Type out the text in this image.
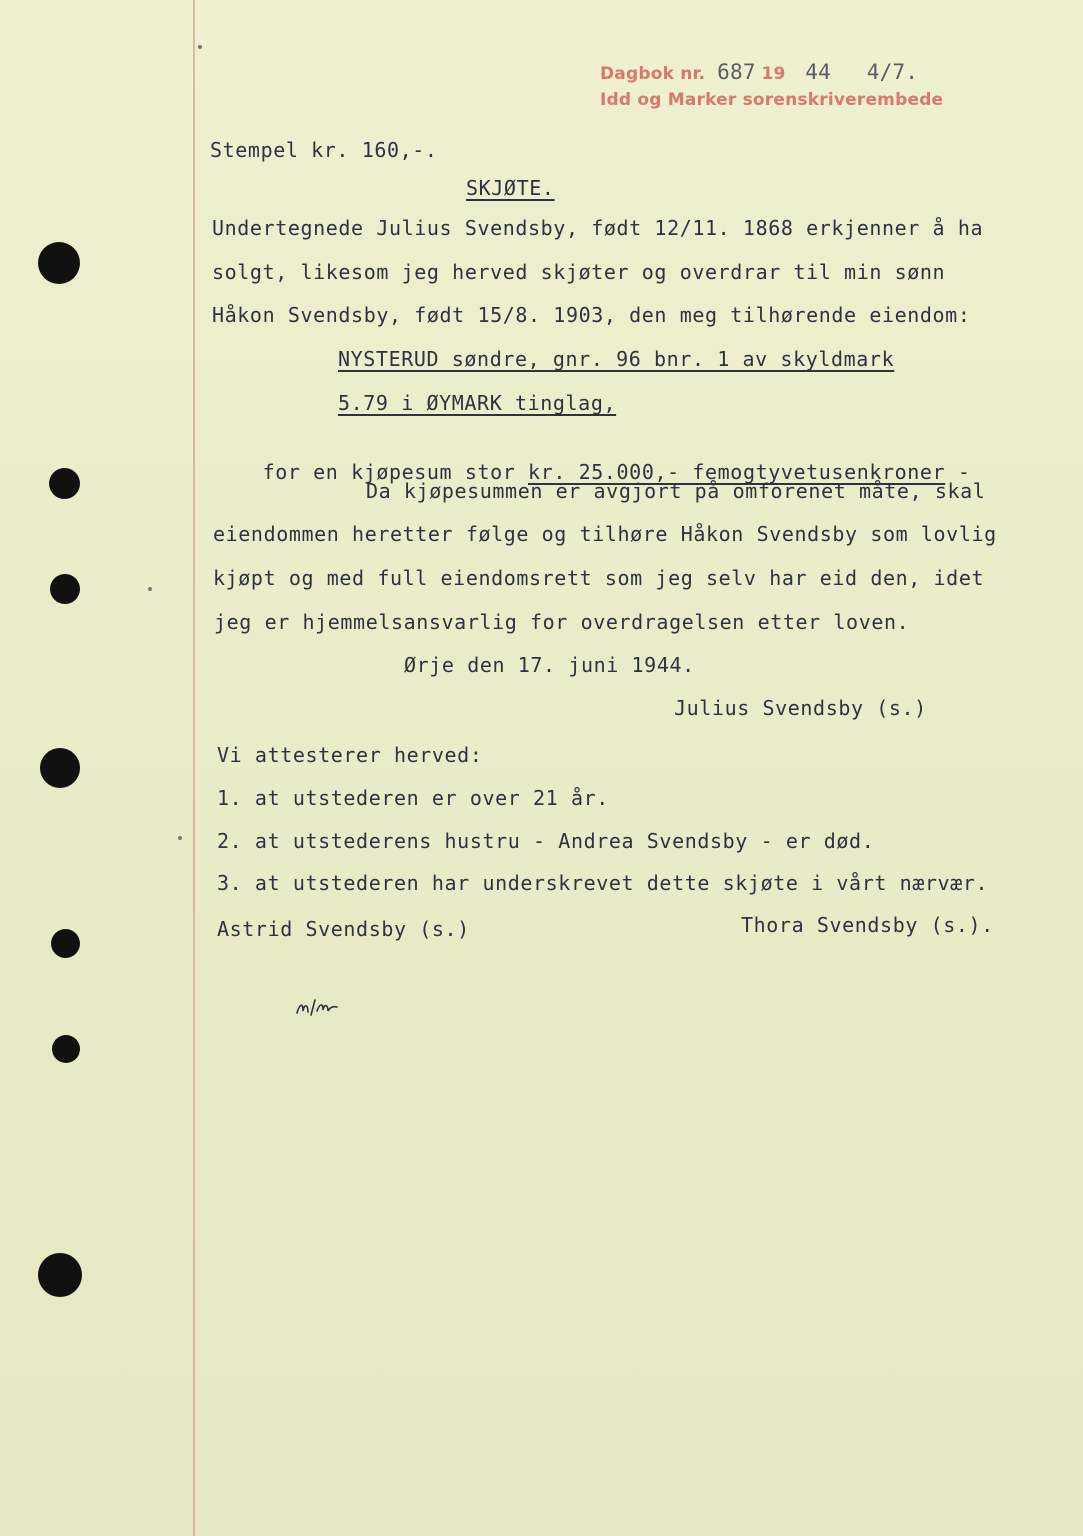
Dagbok nr. 687 19 44 4/7.
Idd og Marker sorenskriverembede
Stempel kr. 160,-.
SKJØTE.
Undertegnede Julius Svendsby, født 12/11. 1868 erkjenner å ha
solgt, likesom jeg herved skjøter og overdrar til min sønn
Håkon Svendsby, født 15/8. 1903, den meg tilhørende eiendom:
NYSTERUD søndre, gnr. 96 bnr. 1 av skyldmark
5.79 i ØYMARK tinglag,

for en kjøpesum stor kr. 25.000,- femogtyvetusenkroner -

Da kjøpesummen er avgjort på omforenet måte, skal
eiendommen heretter følge og tilhøre Håkon Svendsby som lovlig
kjøpt og med full eiendomsrett som jeg selv har eid den, idet
jeg er hjemmelsansvarlig for overdragelsen etter loven.
Ørje den 17. juni 1944.
Julius Svendsby (s.)
Vi attesterer herved:
1. at utstederen er over 21 år.
2. at utstederens hustru - Andrea Svendsby - er død.
3. at utstederen har underskrevet dette skjøte i vårt nærvær.
Astrid Svendsby (s.)	Thora Svendsby (s.).
